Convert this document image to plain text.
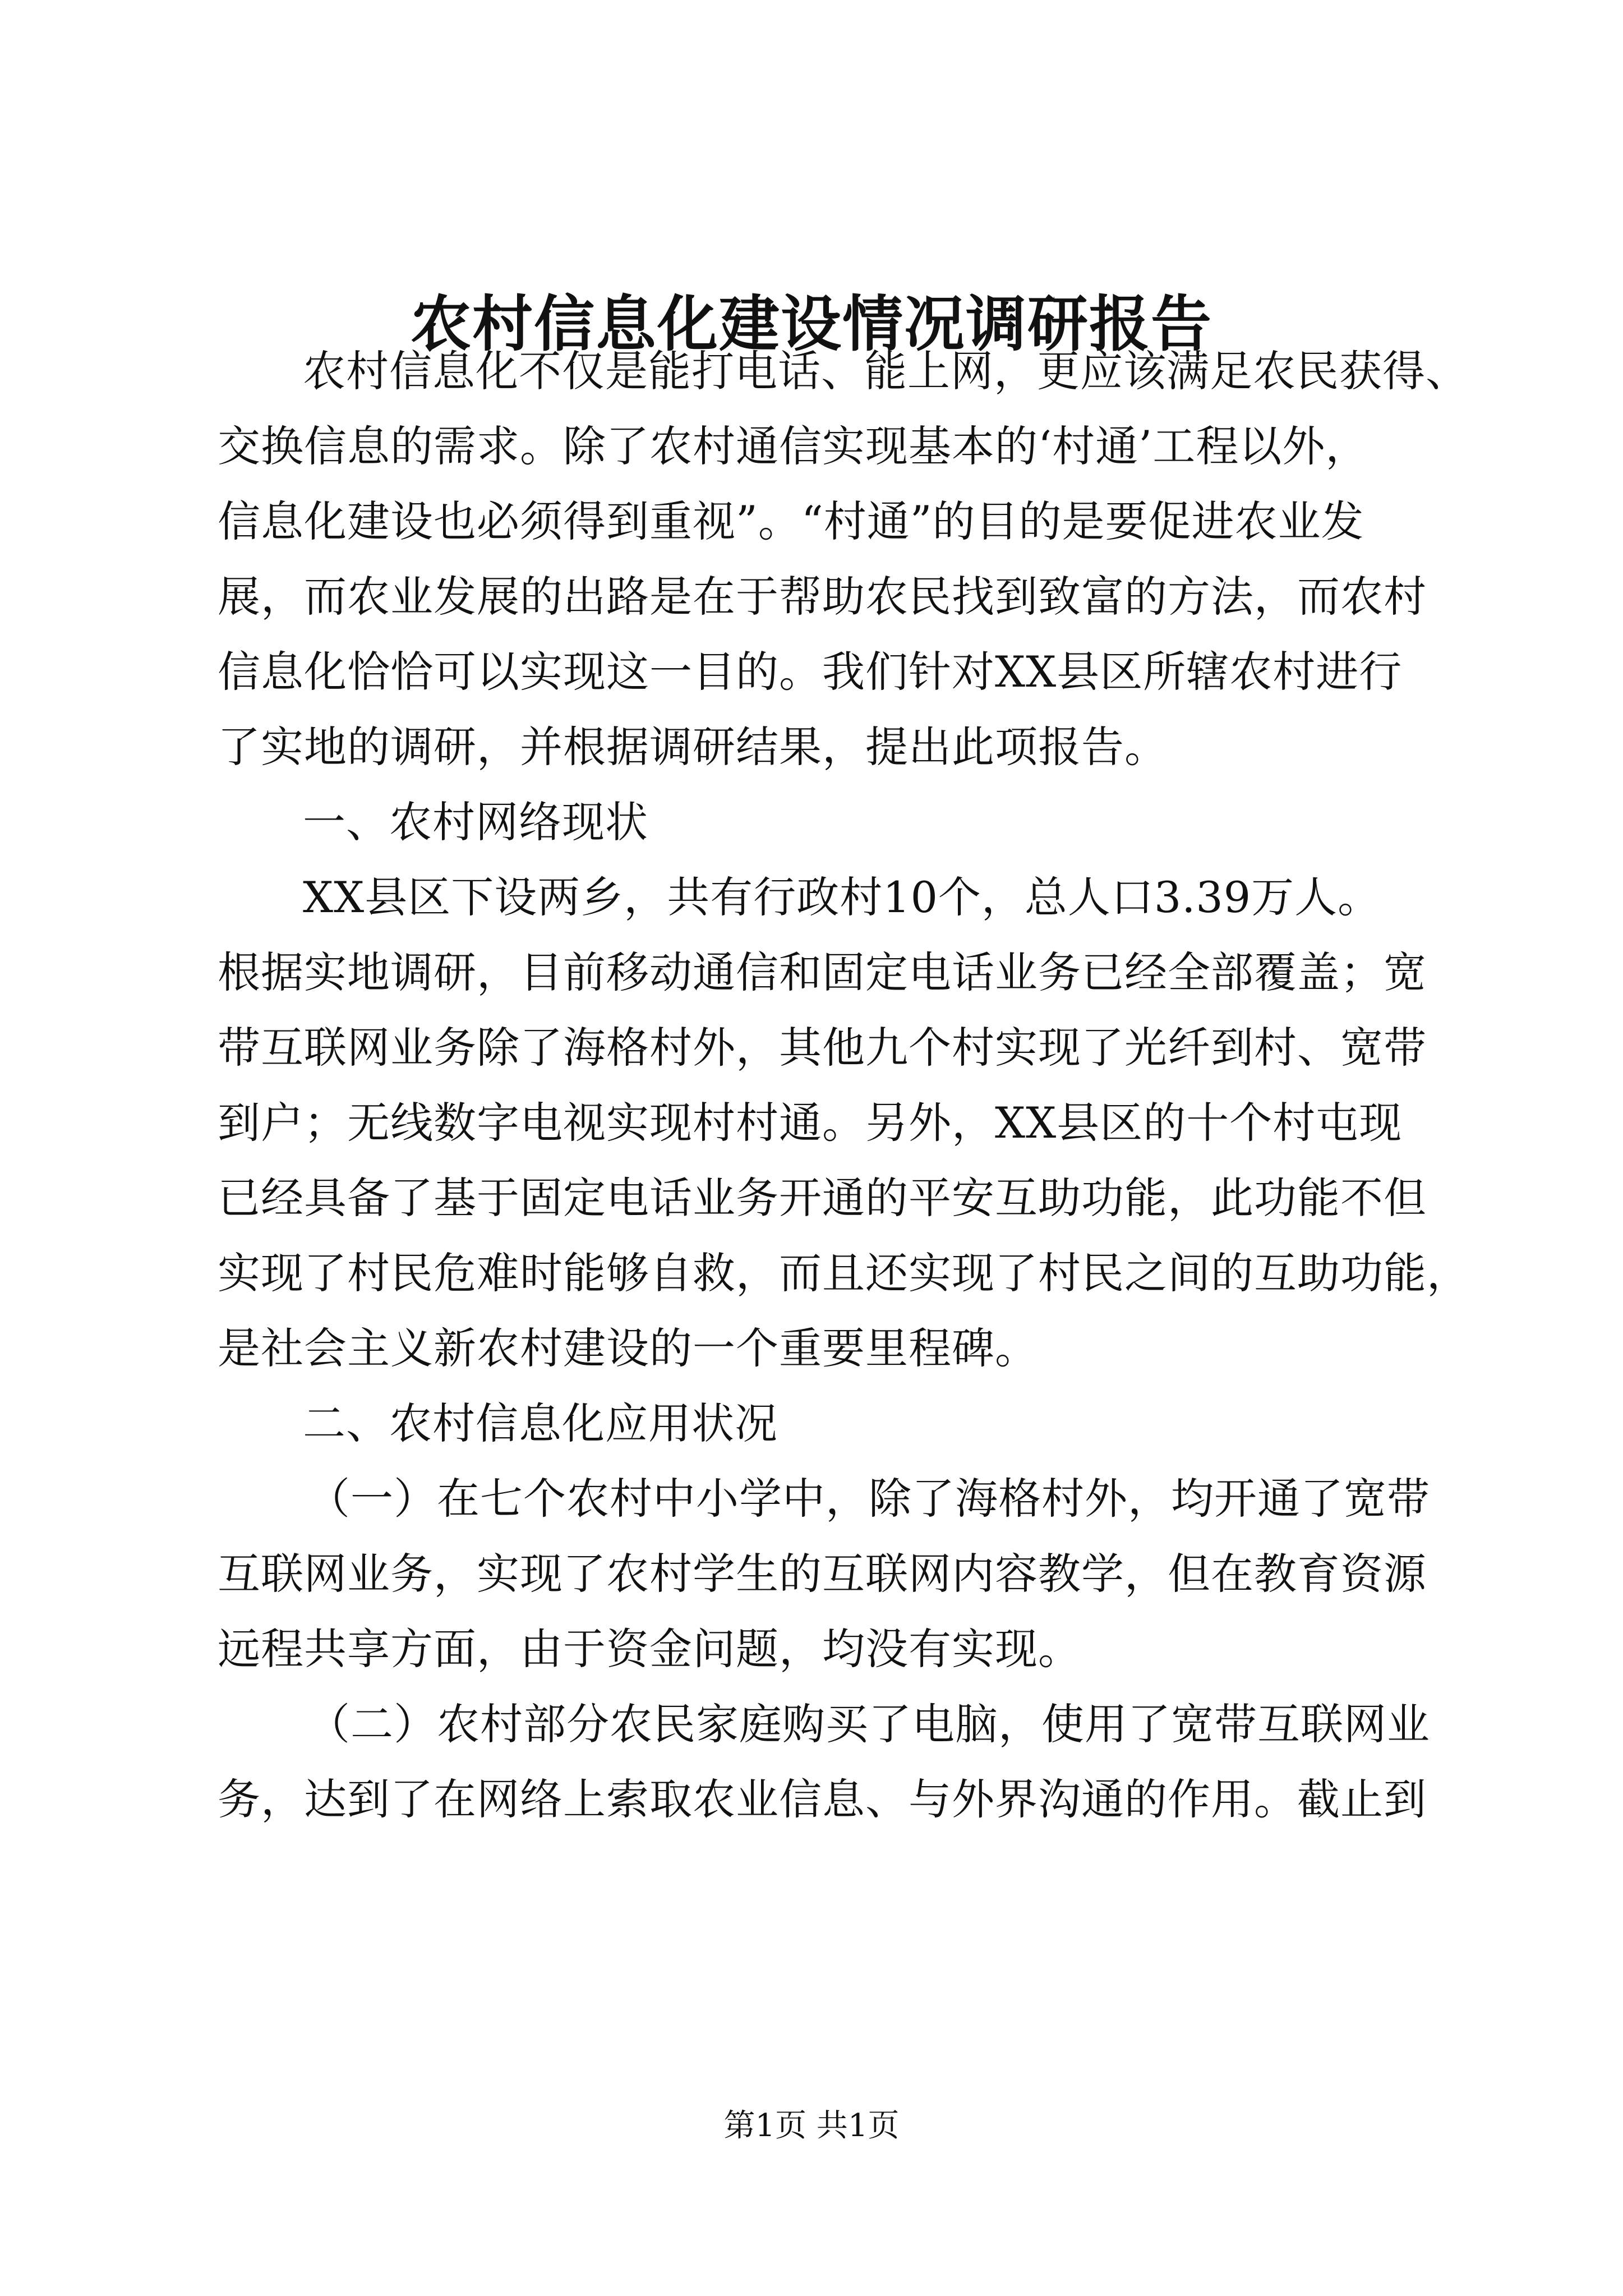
农村信息化建设情况调研报告
农村信息化不仅是能打电话、能上网，更应该满足农民获得、
交换信息的需求。除了农村通信实现基本的‘村通’工程以外，
信息化建设也必须得到重视”。“村通”的目的是要促进农业发
展，而农业发展的出路是在于帮助农民找到致富的方法，而农村
信息化恰恰可以实现这一目的。我们针对XX县区所辖农村进行
了实地的调研，并根据调研结果，提出此项报告。
一、农村网络现状
XX县区下设两乡，共有行政村10个，总人口3.39万人。
根据实地调研，目前移动通信和固定电话业务已经全部覆盖；宽
带互联网业务除了海格村外，其他九个村实现了光纤到村、宽带
到户；无线数字电视实现村村通。另外，XX县区的十个村屯现
已经具备了基于固定电话业务开通的平安互助功能，此功能不但
实现了村民危难时能够自救，而且还实现了村民之间的互助功能，
是社会主义新农村建设的一个重要里程碑。
二、农村信息化应用状况
（一）在七个农村中小学中，除了海格村外，均开通了宽带
互联网业务，实现了农村学生的互联网内容教学，但在教育资源
远程共享方面，由于资金问题，均没有实现。
（二）农村部分农民家庭购买了电脑，使用了宽带互联网业
务，达到了在网络上索取农业信息、与外界沟通的作用。截止到
第1页 共1页
